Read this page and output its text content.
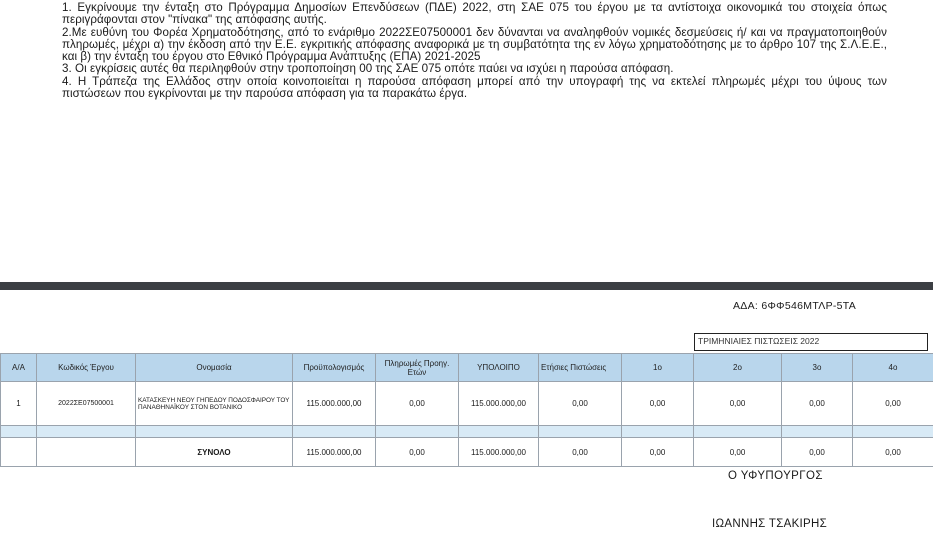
1. Εγκρίνουμε την ένταξη στο Πρόγραμμα Δημοσίων Επενδύσεων (ΠΔΕ) 2022, στη ΣΑΕ 075 του έργου με τα αντίστοιχα οικονομικά του στοιχεία όπως περιγράφονται στον "πίνακα" της απόφασης αυτής.

2.Με ευθύνη του Φορέα Χρηματοδότησης, από το ενάριθμο 2022ΣΕ07500001 δεν δύνανται να αναληφθούν νομικές δεσμεύσεις ή/ και να πραγματοποιηθούν πληρωμές, μέχρι α) την έκδοση από την Ε.Ε. εγκριτικής απόφασης αναφορικά με τη συμβατότητα της εν λόγω χρηματοδότησης με το άρθρο 107 της Σ.Λ.Ε.Ε., και β) την ένταξη του έργου στο Εθνικό Πρόγραμμα Ανάπτυξης (ΕΠΑ) 2021-2025

3. Οι εγκρίσεις αυτές θα περιληφθούν στην τροποποίηση 00 της ΣΑΕ 075 οπότε παύει να ισχύει η παρούσα απόφαση.

4. Η Τράπεζα της Ελλάδος στην οποία κοινοποιείται η παρούσα απόφαση μπορεί από την υπογραφή της να εκτελεί πληρωμές μέχρι του ύψους των πιστώσεων που εγκρίνονται με την παρούσα απόφαση για τα παρακάτω έργα.

ΑΔΑ: 6ΦΦ546ΜΤΛΡ-5ΤΑ
ΤΡΙΜΗΝΙΑΙΕΣ ΠΙΣΤΩΣΕΙΣ 2022
Α/Α	Κωδικός Έργου	Ονομασία	Προϋπολογισμός	Πληρωμές Προηγ. Ετών	ΥΠΟΛΟΙΠΟ	Ετήσιες Πιστώσεις	1ο	2ο	3ο	4ο
1	2022ΣΕ07500001	ΚΑΤΑΣΚΕΥΗ ΝΕΟΥ ΓΗΠΕΔΟΥ ΠΟΔΟΣΦΑΙΡΟΥ ΤΟΥ ΠΑΝΑΘΗΝΑΪΚΟΥ ΣΤΟΝ ΒΟΤΑΝΙΚΟ	115.000.000,00	0,00	115.000.000,00	0,00	0,00	0,00	0,00	0,00

		ΣΥΝΟΛΟ	115.000.000,00	0,00	115.000.000,00	0,00	0,00	0,00	0,00	0,00
Ο ΥΦΥΠΟΥΡΓΟΣ
ΙΩΑΝΝΗΣ ΤΣΑΚΙΡΗΣ
